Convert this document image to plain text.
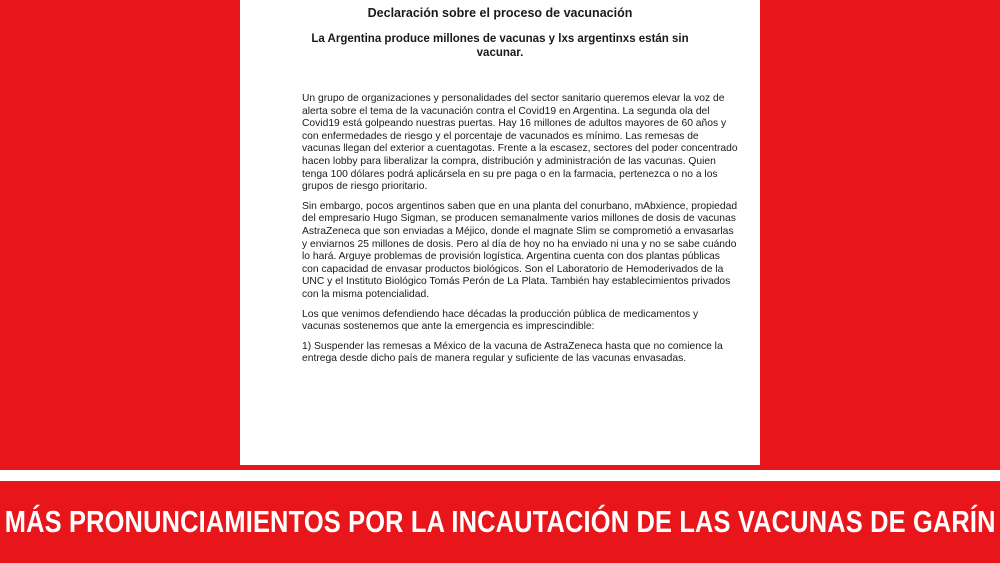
Declaración sobre el proceso de vacunación

La Argentina produce millones de vacunas y lxs argentinxs están sin vacunar.

Un grupo de organizaciones y personalidades del sector sanitario queremos elevar la voz de alerta sobre el tema de la vacunación contra el Covid19 en Argentina. La segunda ola del Covid19 está golpeando nuestras puertas. Hay 16 millones de adultos mayores de 60 años y con enfermedades de riesgo y el porcentaje de vacunados es mínimo. Las remesas de vacunas llegan del exterior a cuentagotas. Frente a la escasez, sectores del poder concentrado hacen lobby para liberalizar la compra, distribución y administración de las vacunas. Quien tenga 100 dólares podrá aplicársela en su pre paga o en la farmacia, pertenezca o no a los grupos de riesgo prioritario.

Sin embargo, pocos argentinos saben que en una planta del conurbano, mAbxience, propiedad del empresario Hugo Sigman, se producen semanalmente varios millones de dosis de vacunas AstraZeneca que son enviadas a Méjico, donde el magnate Slim se comprometió a envasarlas y enviarnos 25 millones de dosis. Pero al día de hoy no ha enviado ni una y no se sabe cuándo lo hará. Arguye problemas de provisión logística. Argentina cuenta con dos plantas públicas con capacidad de envasar productos biológicos. Son el Laboratorio de Hemoderivados de la UNC y el Instituto Biológico Tomás Perón de La Plata. También hay establecimientos privados con la misma potencialidad.

Los que venimos defendiendo hace décadas la producción pública de medicamentos y vacunas sostenemos que ante la emergencia es imprescindible:

1) Suspender las remesas a México de la vacuna de AstraZeneca hasta que no comience la entrega desde dicho país de manera regular y suficiente de las vacunas envasadas.

MÁS PRONUNCIAMIENTOS POR LA INCAUTACIÓN DE LAS VACUNAS DE GARÍN
